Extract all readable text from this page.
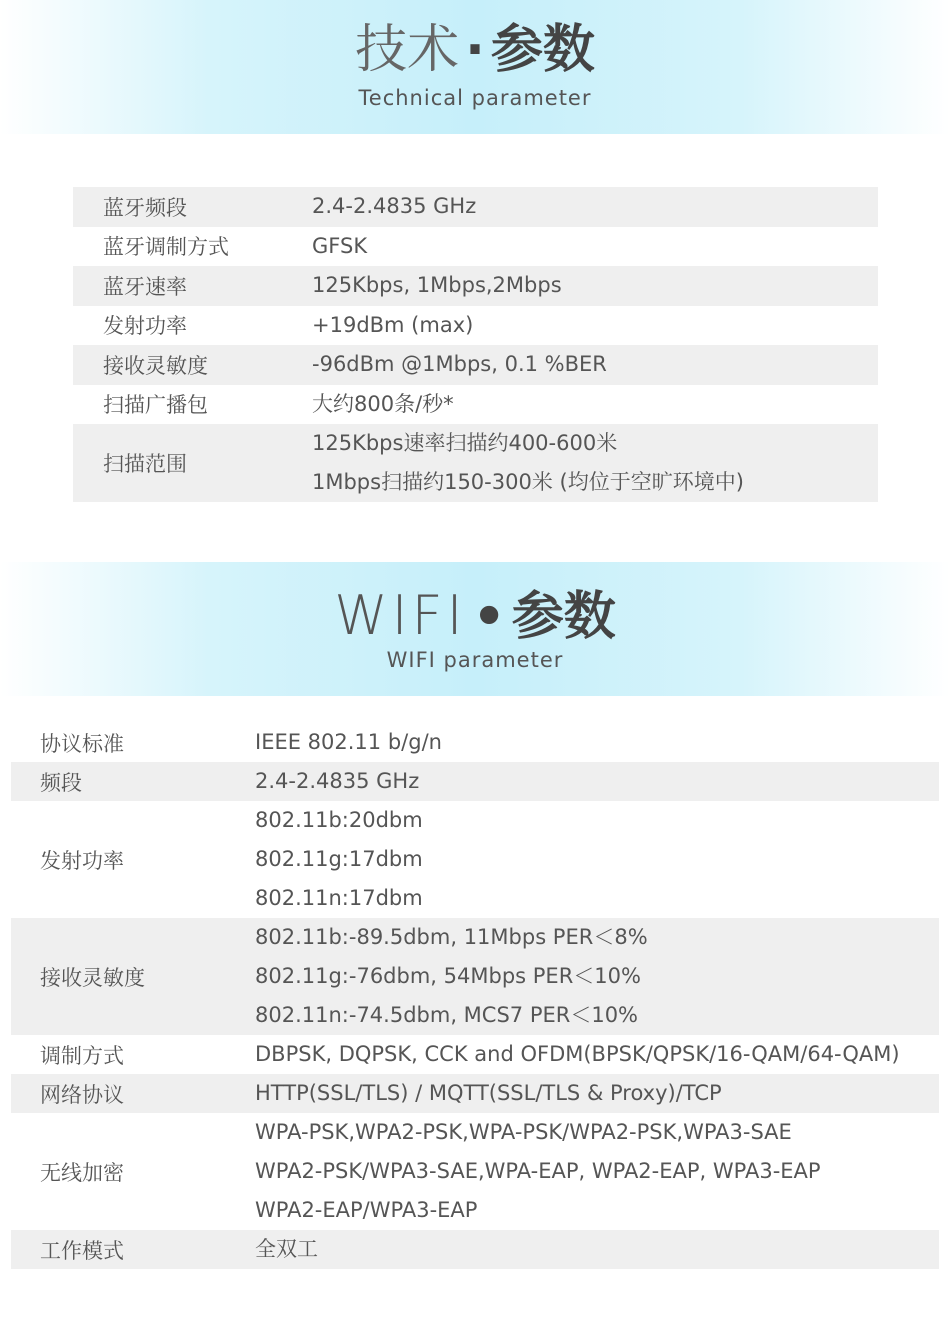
技术 · 参数
Technical parameter
蓝牙频段	2.4-2.4835 GHz

蓝牙调制方式	GFSK

蓝牙速率	125Kbps, 1Mbps,2Mbps

发射功率	+19dBm (max)

接收灵敏度	-96dBm @1Mbps, 0.1 %BER

扫描广播包	大约800条/秒*

扫描范围	125Kbps速率扫描约400-600米
1Mbps扫描约150-300米 (均位于空旷环境中)
WIFI • 参数
WIFI parameter
协议标准	IEEE 802.11 b/g/n

频段	2.4-2.4835 GHz

发射功率	802.11b:20dbm
802.11g:17dbm
802.11n:17dbm

接收灵敏度	802.11b:-89.5dbm, 11Mbps PER＜8%
802.11g:-76dbm, 54Mbps PER＜10%
802.11n:-74.5dbm, MCS7 PER＜10%

调制方式	DBPSK, DQPSK, CCK and OFDM(BPSK/QPSK/16-QAM/64-QAM)

网络协议	HTTP(SSL/TLS) / MQTT(SSL/TLS & Proxy)/TCP

无线加密	WPA-PSK,WPA2-PSK,WPA-PSK/WPA2-PSK,WPA3-SAE
WPA2-PSK/WPA3-SAE,WPA-EAP, WPA2-EAP, WPA3-EAP
WPA2-EAP/WPA3-EAP

工作模式	全双工
